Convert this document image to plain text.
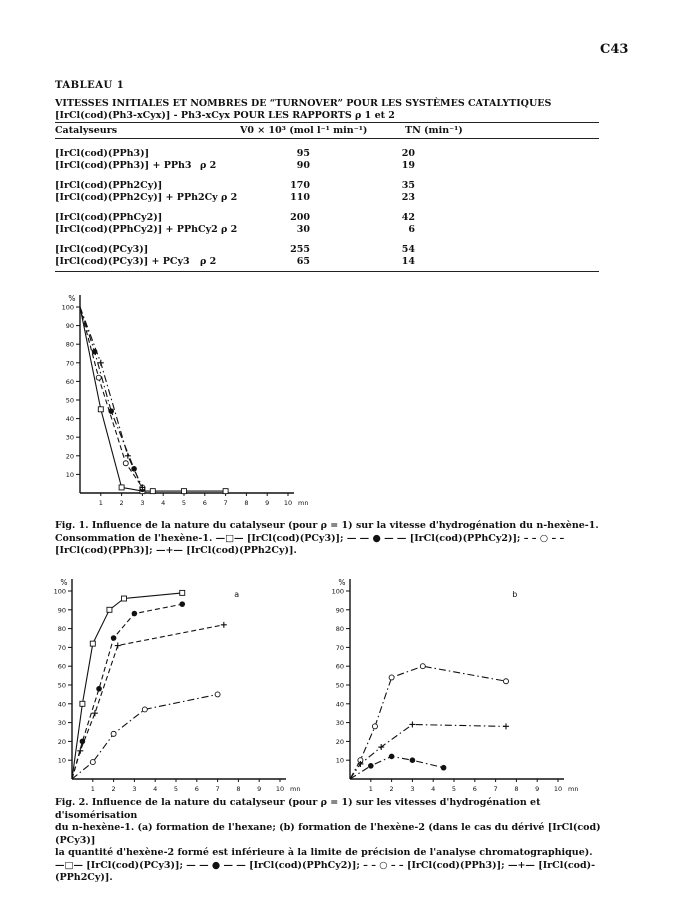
C43
TABLEAU 1
VITESSES INITIALES ET NOMBRES DE “TURNOVER” POUR LES SYSTÈMES CATALYTIQUES
[IrCl(cod)(Ph3-xCyx)] - Ph3-xCyx POUR LES RAPPORTS ρ 1 et 2
Catalyseurs	V0 × 10³ (mol l⁻¹ min⁻¹)	TN (min⁻¹)
[IrCl(cod)(PPh3)]	95	20
[IrCl(cod)(PPh3)] + PPh3 ρ 2	90	19
[IrCl(cod)(PPh2Cy)]	170	35
[IrCl(cod)(PPh2Cy)] + PPh2Cy ρ 2	110	23
[IrCl(cod)(PPhCy2)]	200	42
[IrCl(cod)(PPhCy2)] + PPhCy2 ρ 2	30	6
[IrCl(cod)(PCy3)]	255	54
[IrCl(cod)(PCy3)] + PCy3 ρ 2	65	14
10
20
30
40
50
60
70
80
90
100
1	2	3	4	5	6	7	8	9 10
%
mn
10
20
30
40
50
60
70
80
90
100
1	2	3	4	5	6	7	8	9 10
%
mn
a
10
20
30
40
50
60
70
80
90
100
1	2	3	4	5	6	7	8	9 10
%
mn
b
Fig. 1. Influence de la nature du catalyseur (pour ρ = 1) sur la vitesse d'hydrogénation du n-hexène-1.
Consommation de l'hexène-1. —□— [IrCl(cod)(PCy3)]; — — ● — — [IrCl(cod)(PPhCy2)]; – – ○ – –
[IrCl(cod)(PPh3)]; —+— [IrCl(cod)(PPh2Cy)].
Fig. 2. Influence de la nature du catalyseur (pour ρ = 1) sur les vitesses d'hydrogénation et d'isomérisation
du n-hexène-1. (a) formation de l'hexane; (b) formation de l'hexène-2 (dans le cas du dérivé [IrCl(cod)(PCy3)]
la quantité d'hexène-2 formé est inférieure à la limite de précision de l'analyse chromatographique).
—□— [IrCl(cod)(PCy3)]; — — ● — — [IrCl(cod)(PPhCy2)]; – – ○ – – [IrCl(cod)(PPh3)]; —+— [IrCl(cod)-
(PPh2Cy)].
